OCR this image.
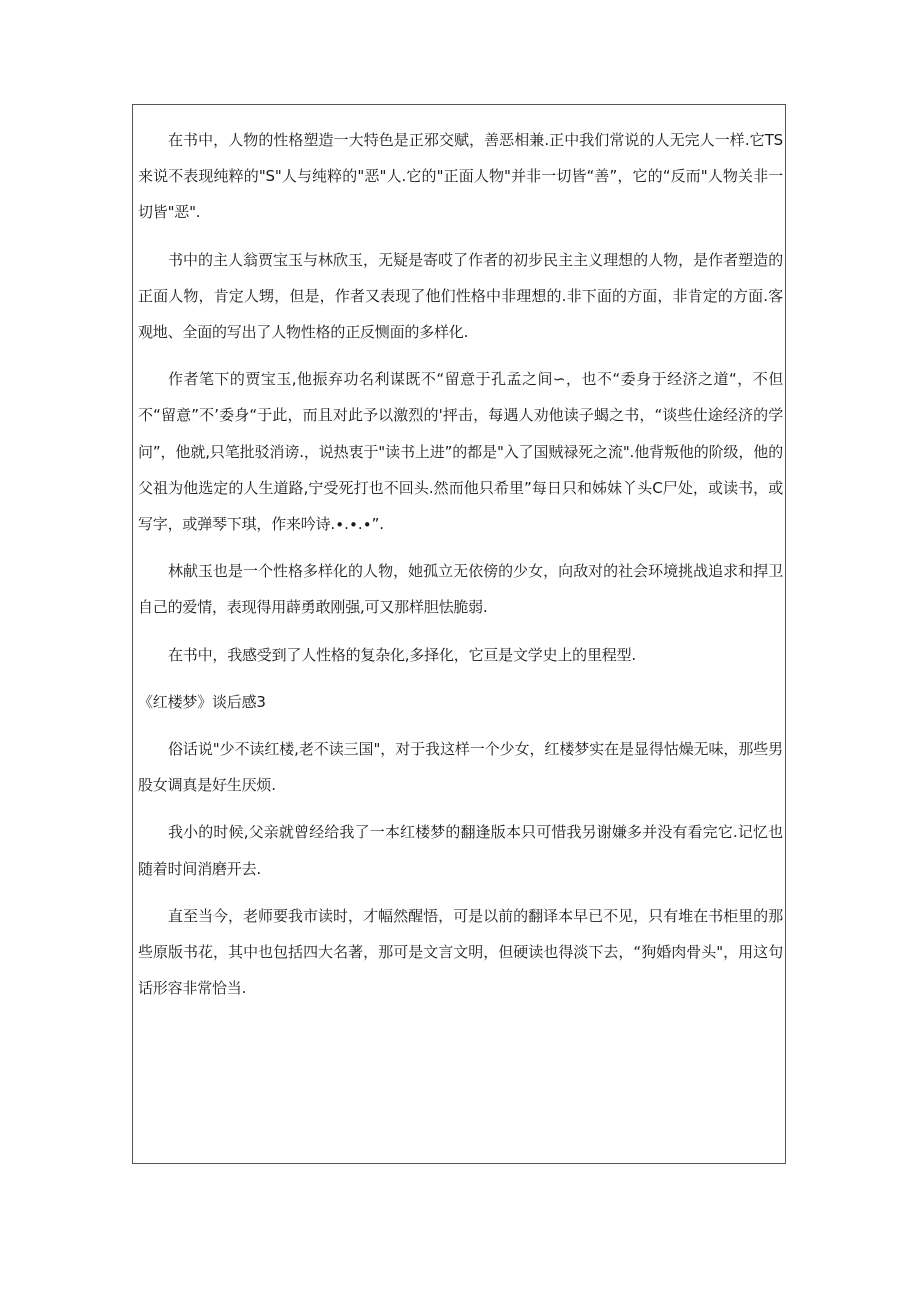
在书中，人物的性格塑造一大特色是正邪交赋，善恶相兼.正中我们常说的人无完人一样.它TS来说不表现纯粹的"S"人与纯粹的"恶"人.它的"正面人物"并非一切皆“善”，它的“反而"人物关非一切皆"恶".

书中的主人翁贾宝玉与林欣玉，无疑是寄哎了作者的初步民主主义理想的人物，是作者塑造的正面人物，肯定人甥，但是，作者又表现了他们性格中非理想的.非下面的方面，非肯定的方面.客观地、全面的写出了人物性格的正反恻面的多样化.

作者笔下的贾宝玉,他振弃功名利谋既不“留意于孔孟之间∽，也不“委身于经济之道“，不但不“留意”不’委身“于此，而且对此予以激烈的'抨击，每遇人劝他读子蝎之书，“谈些仕途经济的学问”，他就,只笔批驳消谤.，说热衷于"读书上进”的都是"入了国贼禄死之流".他背叛他的阶级，他的父祖为他选定的人生道路,宁受死打也不回头.然而他只希里”每日只和姊妹丫头C尸处，或读书，或写字，或弹琴下琪，作来吟诗.∙.∙.∙”.

林献玉也是一个性格多样化的人物，她孤立无依傍的少女，向敌对的社会环境挑战追求和捍卫自己的爱情，表现得用薜勇敢刚强,可又那样胆怯脆弱.

在书中，我感受到了人性格的复杂化,多择化，它亘是文学史上的里程型.

《红楼梦》谈后感3

俗话说"少不读红楼,老不读三国"，对于我这样一个少女，红楼梦实在是显得怙燥无味，那些男股女调真是好生厌烦.

我小的时候,父亲就曾经给我了一本红楼梦的翻逢版本只可惜我另谢嫌多并没有看完它.记忆也随着时间消磨开去.

直至当今，老师要我市读时，才幅然醒悟，可是以前的翻译本早已不见，只有堆在书柜里的那些原版书花，其中也包括四大名著，那可是文言文明，但硬读也得淡下去，“狗婚肉骨头"，用这句话形容非常恰当.
